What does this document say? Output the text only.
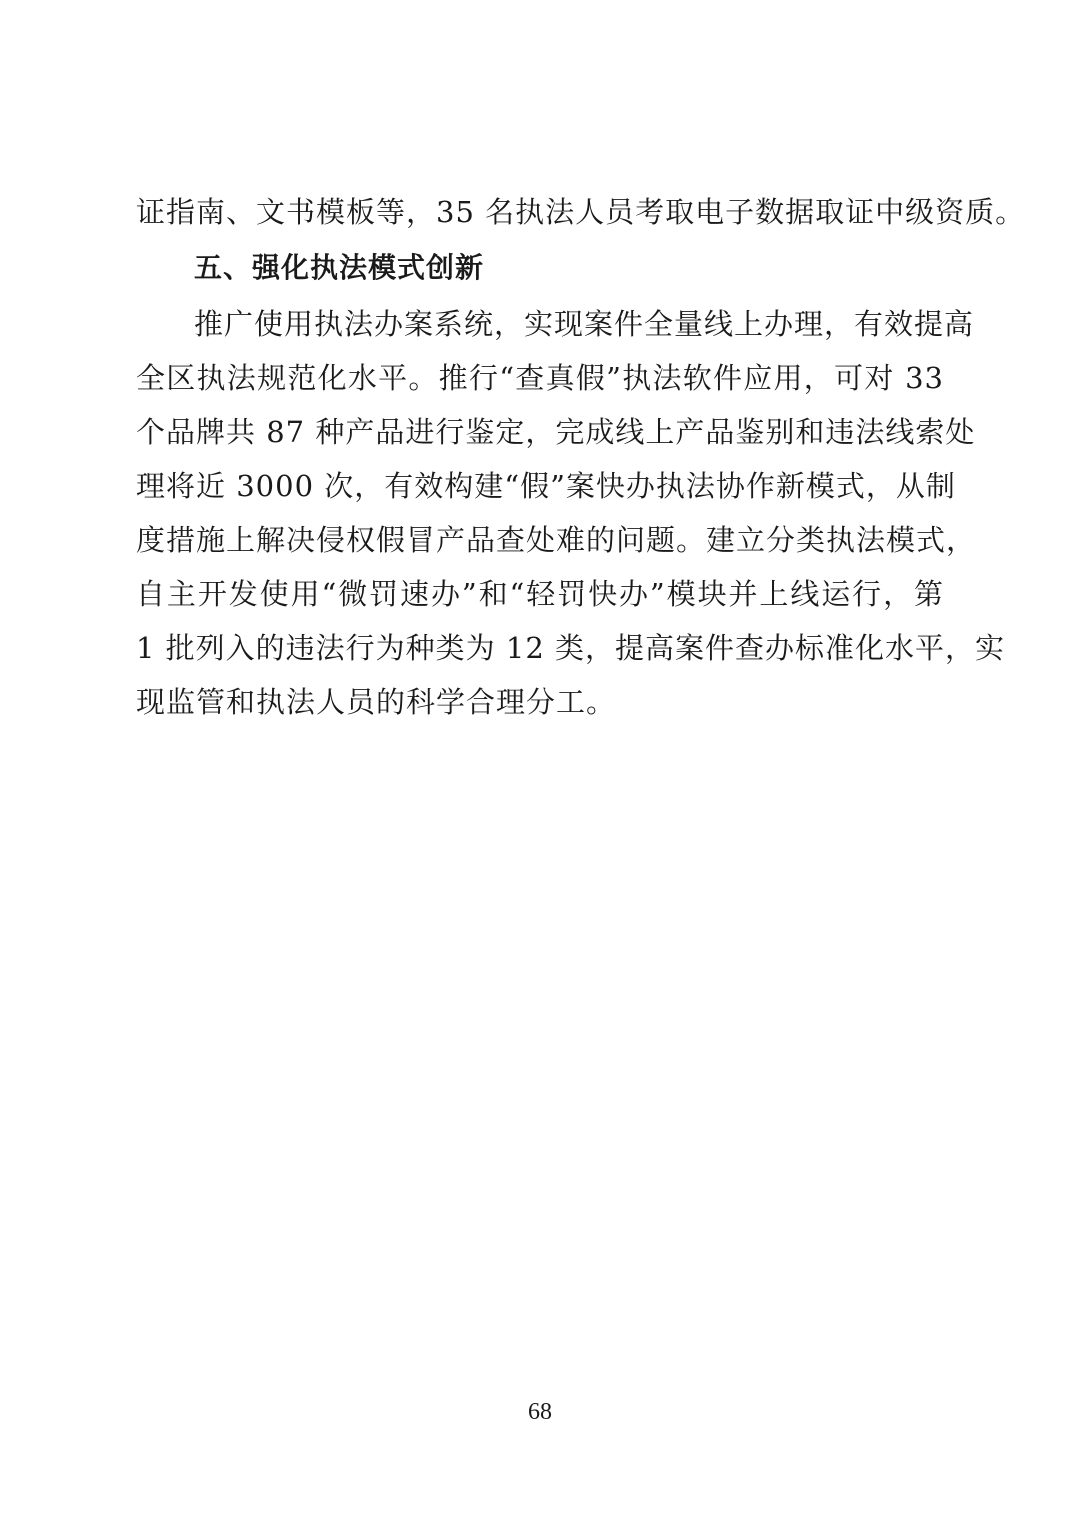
证指南、文书模板等，35 名执法人员考取电子数据取证中级资质。
五、强化执法模式创新
推广使用执法办案系统，实现案件全量线上办理，有效提高
全区执法规范化水平。推行“查真假”执法软件应用，可对 33
个品牌共 87 种产品进行鉴定，完成线上产品鉴别和违法线索处
理将近 3000 次，有效构建“假”案快办执法协作新模式，从制
度措施上解决侵权假冒产品查处难的问题。建立分类执法模式，
自主开发使用“微罚速办”和“轻罚快办”模块并上线运行，第
1 批列入的违法行为种类为 12 类，提高案件查办标准化水平，实
现监管和执法人员的科学合理分工。
68
